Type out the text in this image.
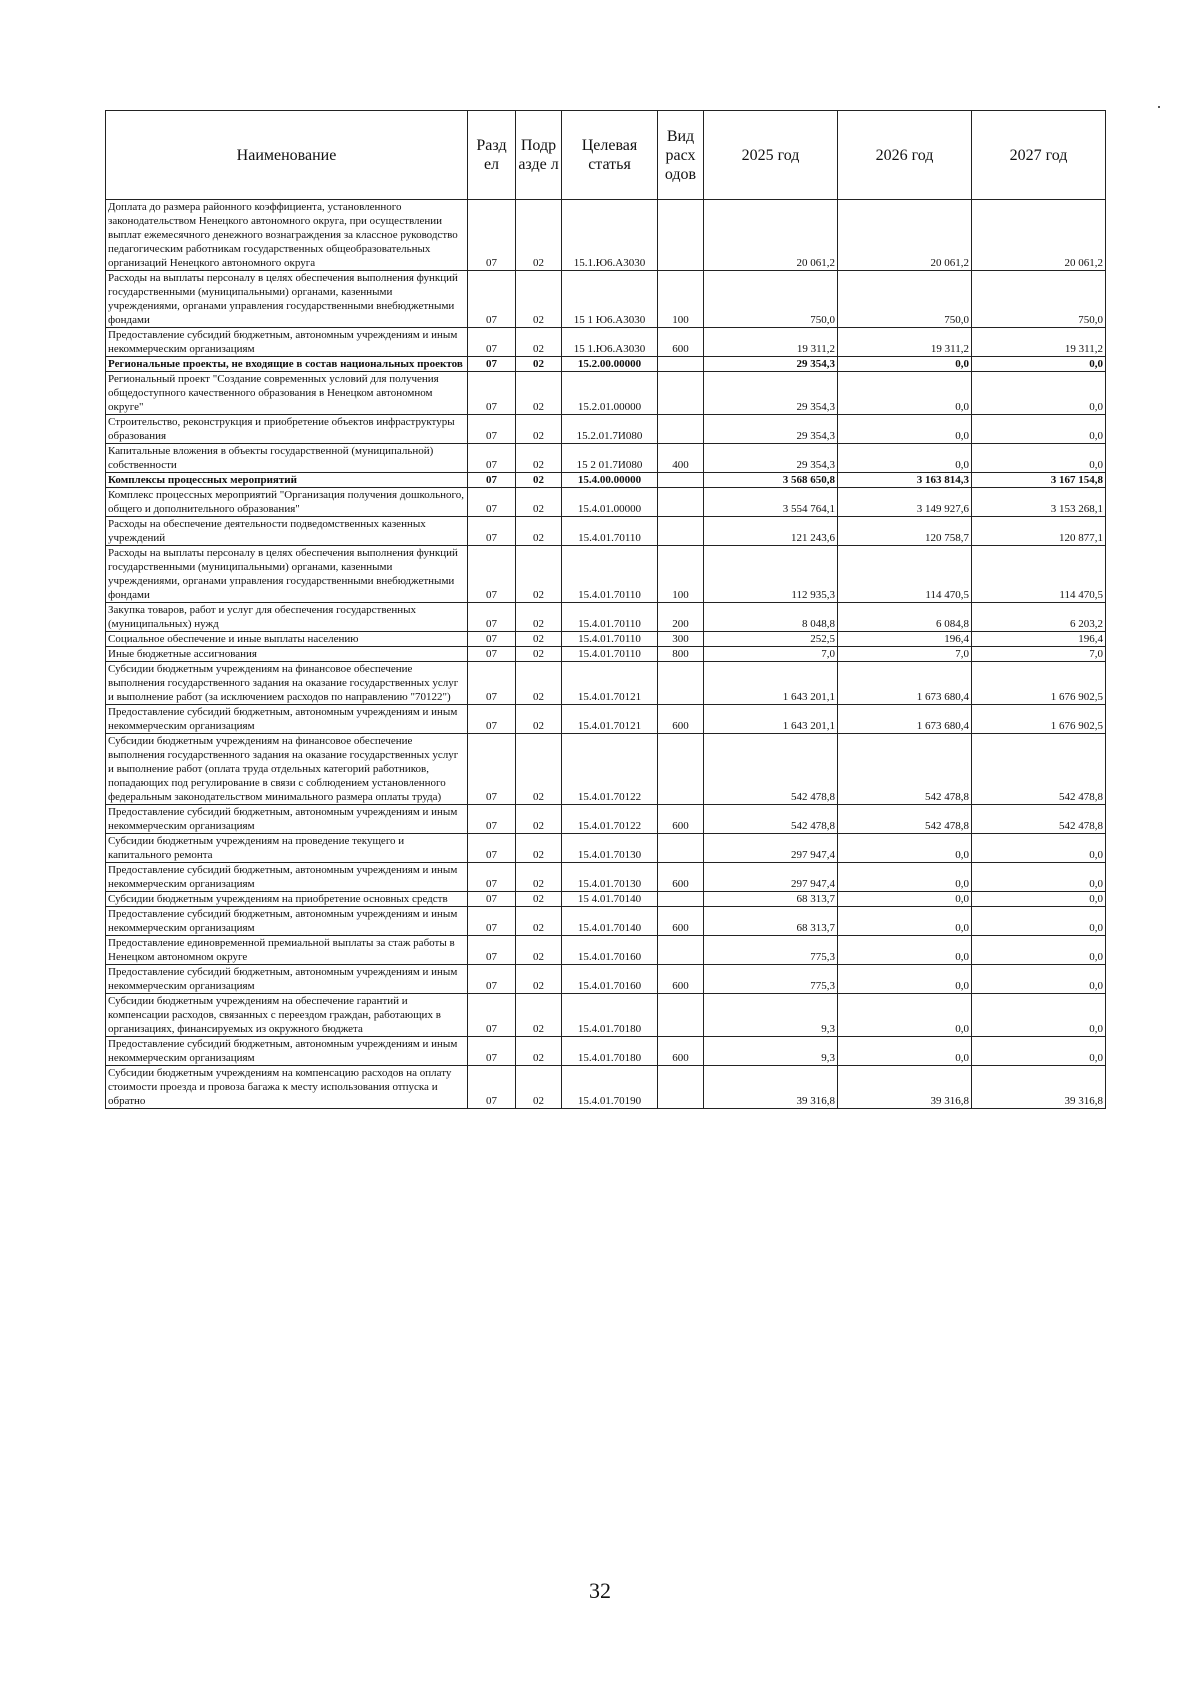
Наименование	Разд ел	Подр азде л	Целевая статья	Вид расх одов	2025 год	2026 год	2027 год
Доплата до размера районного коэффициента, установленного законодательством Ненецкого автономного округа, при осуществлении выплат ежемесячного денежного вознаграждения за классное руководство педагогическим работникам государственных общеобразовательных организаций Ненецкого автономного округа	07	02	15.1.Ю6.А3030		20 061,2	20 061,2	20 061,2
Расходы на выплаты персоналу в целях обеспечения выполнения функций государственными (муниципальными) органами, казенными учреждениями, органами управления государственными внебюджетными фондами	07	02	15 1 Ю6.А3030	100	750,0	750,0	750,0
Предоставление субсидий бюджетным, автономным учреждениям и иным некоммерческим организациям	07	02	15 1.Ю6.А3030	600	19 311,2	19 311,2	19 311,2
Региональные проекты, не входящие в состав национальных проектов	07	02	15.2.00.00000		29 354,3	0,0	0,0
Региональный проект "Создание современных условий для получения общедоступного качественного образования в Ненецком автономном округе"	07	02	15.2.01.00000		29 354,3	0,0	0,0
Строительство, реконструкция и приобретение объектов инфраструктуры образования	07	02	15.2.01.7И080		29 354,3	0,0	0,0
Капитальные вложения в объекты государственной (муниципальной) собственности	07	02	15 2 01.7И080	400	29 354,3	0,0	0,0
Комплексы процессных мероприятий	07	02	15.4.00.00000		3 568 650,8	3 163 814,3	3 167 154,8
Комплекс процессных мероприятий "Организация получения дошкольного, общего и дополнительного образования"	07	02	15.4.01.00000		3 554 764,1	3 149 927,6	3 153 268,1
Расходы на обеспечение деятельности подведомственных казенных учреждений	07	02	15.4.01.70110		121 243,6	120 758,7	120 877,1
Расходы на выплаты персоналу в целях обеспечения выполнения функций государственными (муниципальными) органами, казенными учреждениями, органами управления государственными внебюджетными фондами	07	02	15.4.01.70110	100	112 935,3	114 470,5	114 470,5
Закупка товаров, работ и услуг для обеспечения государственных (муниципальных) нужд	07	02	15.4.01.70110	200	8 048,8	6 084,8	6 203,2
Социальное обеспечение и иные выплаты населению	07	02	15.4.01.70110	300	252,5	196,4	196,4
Иные бюджетные ассигнования	07	02	15.4.01.70110	800	7,0	7,0	7,0
Субсидии бюджетным учреждениям на финансовое обеспечение выполнения государственного задания на оказание государственных услуг и выполнение работ (за исключением расходов по направлению "70122")	07	02	15.4.01.70121		1 643 201,1	1 673 680,4	1 676 902,5
Предоставление субсидий бюджетным, автономным учреждениям и иным некоммерческим организациям	07	02	15.4.01.70121	600	1 643 201,1	1 673 680,4	1 676 902,5
Субсидии бюджетным учреждениям на финансовое обеспечение выполнения государственного задания на оказание государственных услуг и выполнение работ (оплата труда отдельных категорий работников, попадающих под регулирование в связи с соблюдением установленного федеральным законодательством минимального размера оплаты труда)	07	02	15.4.01.70122		542 478,8	542 478,8	542 478,8
Предоставление субсидий бюджетным, автономным учреждениям и иным некоммерческим организациям	07	02	15.4.01.70122	600	542 478,8	542 478,8	542 478,8
Субсидии бюджетным учреждениям на проведение текущего и капитального ремонта	07	02	15.4.01.70130		297 947,4	0,0	0,0
Предоставление субсидий бюджетным, автономным учреждениям и иным некоммерческим организациям	07	02	15.4.01.70130	600	297 947,4	0,0	0,0
Субсидии бюджетным учреждениям на приобретение основных средств	07	02	15 4.01.70140		68 313,7	0,0	0,0
Предоставление субсидий бюджетным, автономным учреждениям и иным некоммерческим организациям	07	02	15.4.01.70140	600	68 313,7	0,0	0,0
Предоставление единовременной премиальной выплаты за стаж работы в Ненецком автономном округе	07	02	15.4.01.70160		775,3	0,0	0,0
Предоставление субсидий бюджетным, автономным учреждениям и иным некоммерческим организациям	07	02	15.4.01.70160	600	775,3	0,0	0,0
Субсидии бюджетным учреждениям на обеспечение гарантий и компенсации расходов, связанных с переездом граждан, работающих в организациях, финансируемых из окружного бюджета	07	02	15.4.01.70180		9,3	0,0	0,0
Предоставление субсидий бюджетным, автономным учреждениям и иным некоммерческим организациям	07	02	15.4.01.70180	600	9,3	0,0	0,0
Субсидии бюджетным учреждениям на компенсацию расходов на оплату стоимости проезда и провоза багажа к месту использования отпуска и обратно	07	02	15.4.01.70190		39 316,8	39 316,8	39 316,8
32
